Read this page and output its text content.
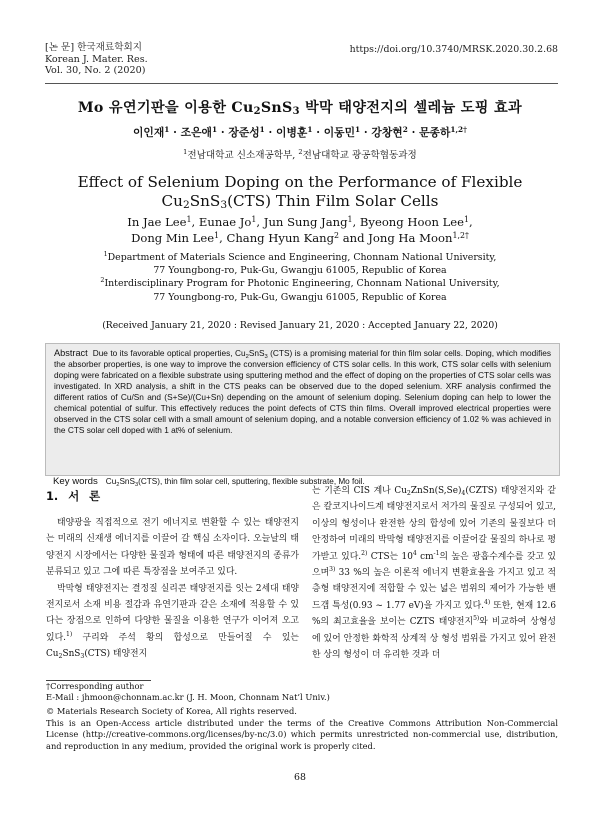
[논 문] 한국재료학회지
Korean J. Mater. Res.
Vol. 30, No. 2 (2020)
https://doi.org/10.3740/MRSK.2020.30.2.68
Mo 유연기판을 이용한 $Cu_2SnS_3$ 박막 태양전지의 셀레늄 도핑 효과
이인재$^1$ · 조은애$^1$ · 장준성$^1$ · 이병훈$^1$ · 이동민$^1$ · 강창현$^2$ · 문종하$^{1,2\dagger}$
$^1$전남대학교 신소재공학부, $^2$전남대학교 광공학협동과정
Effect of Selenium Doping on the Performance of Flexible
$Cu_2SnS_3(CTS)$ Thin Film Solar Cells
In Jae Lee$^1$, Eunae Jo$^1$, Jun Sung Jang$^1$, Byeong Hoon Lee$^1$,
Dong Min Lee$^1$, Chang Hyun Kang$^2$ and Jong Ha Moon$^{1,2\dagger}$
$^1$Department of Materials Science and Engineering, Chonnam National University,
77 Youngbong-ro, Puk-Gu, Gwangju 61005, Republic of Korea
$^2$Interdisciplinary Program for Photonic Engineering, Chonnam National University,
77 Youngbong-ro, Puk-Gu, Gwangju 61005, Republic of Korea
(Received January 21, 2020 : Revised January 21, 2020 : Accepted January 22, 2020)

Abstract Due to its favorable optical properties, $Cu_2SnS_3$ (CTS) is a promising material for thin film solar cells. Doping, which modifies the absorber properties, is one way to improve the conversion efficiency of CTS solar cells. In this work, CTS solar cells with selenium doping were fabricated on a flexible substrate using sputtering method and the effect of doping on the properties of CTS solar cells was investigated. In XRD analysis, a shift in the CTS peaks can be observed due to the doped selenium. XRF analysis confirmed the different ratios of Cu/Sn and (S+Se)/(Cu+Sn) depending on the amount of selenium doping. Selenium doping can help to lower the chemical potential of sulfur. This effectively reduces the point defects of CTS thin films. Overall improved electrical properties were observed in the CTS solar cell with a small amount of selenium doping, and a notable conversion efficiency of 1.02 % was achieved in the CTS solar cell doped with 1 at% of selenium.

Key words $Cu_2SnS_3(CTS)$, thin film solar cell, sputtering, flexible substrate, Mo foil.
1. 서 론

태양광을 직접적으로 전기 에너지로 변환할 수 있는 태양전지는 미래의 신재생 에너지를 이끌어 갈 핵심 소자이다. 오늘날의 태양전지 시장에서는 다양한 물질과 형태에 따른 태양전지의 종류가 분류되고 있고 그에 따른 특장점을 보여주고 있다.

박막형 태양전지는 결정질 실리콘 태양전지를 잇는 2세대 태양전지로서 소재 비용 절감과 유연기판과 같은 소재에 적용할 수 있다는 장점으로 인하여 다양한 물질을 이용한 연구가 이어져 오고 있다.$^{1)}$ 구리와 주석 황의 합성으로 만들어질 수 있는 $Cu_2SnS_3(CTS)$ 태양전지

는 기존의 CIS 계나 $Cu_2ZnSn(S,Se)_4(CZTS)$ 태양전지와 같은 칼코지나이드계 태양전지로서 저가의 물질로 구성되어 있고, 이상의 형성이나 완전한 상의 합성에 있어 기존의 물질보다 더 안정하여 미래의 박막형 태양전지를 이끌어갈 물질의 하나로 평가받고 있다.$^{2)}$ CTS는 $10^4$ $cm^{-1}$의 높은 광흡수계수를 갖고 있으며$^{3)}$ 33 %의 높은 이론적 에너지 변환효율을 가지고 있고 적층형 태양전지에 적합할 수 있는 넓은 범위의 제어가 가능한 밴드갭 특성(0.93 ~ 1.77 eV)을 가지고 있다.$^{4)}$ 또한, 현재 12.6 %의 최고효율을 보이는 CZTS 태양전지$^{5)}$와 비교하여 상형성에 있어 안정한 화학적 상계적 상 형성 범위를 가지고 있어 완전한 상의 형성이 더 유리한 것과 더

†Corresponding author
E-Mail : jhmoon@chonnam.ac.kr (J. H. Moon, Chonnam Nat’l Univ.)
© Materials Research Society of Korea, All rights reserved.
This is an Open-Access article distributed under the terms of the Creative Commons Attribution Non-Commercial License (http://creative-commons.org/licenses/by-nc/3.0) which permits unrestricted non-commercial use, distribution, and reproduction in any medium, provided the original work is properly cited.
68
